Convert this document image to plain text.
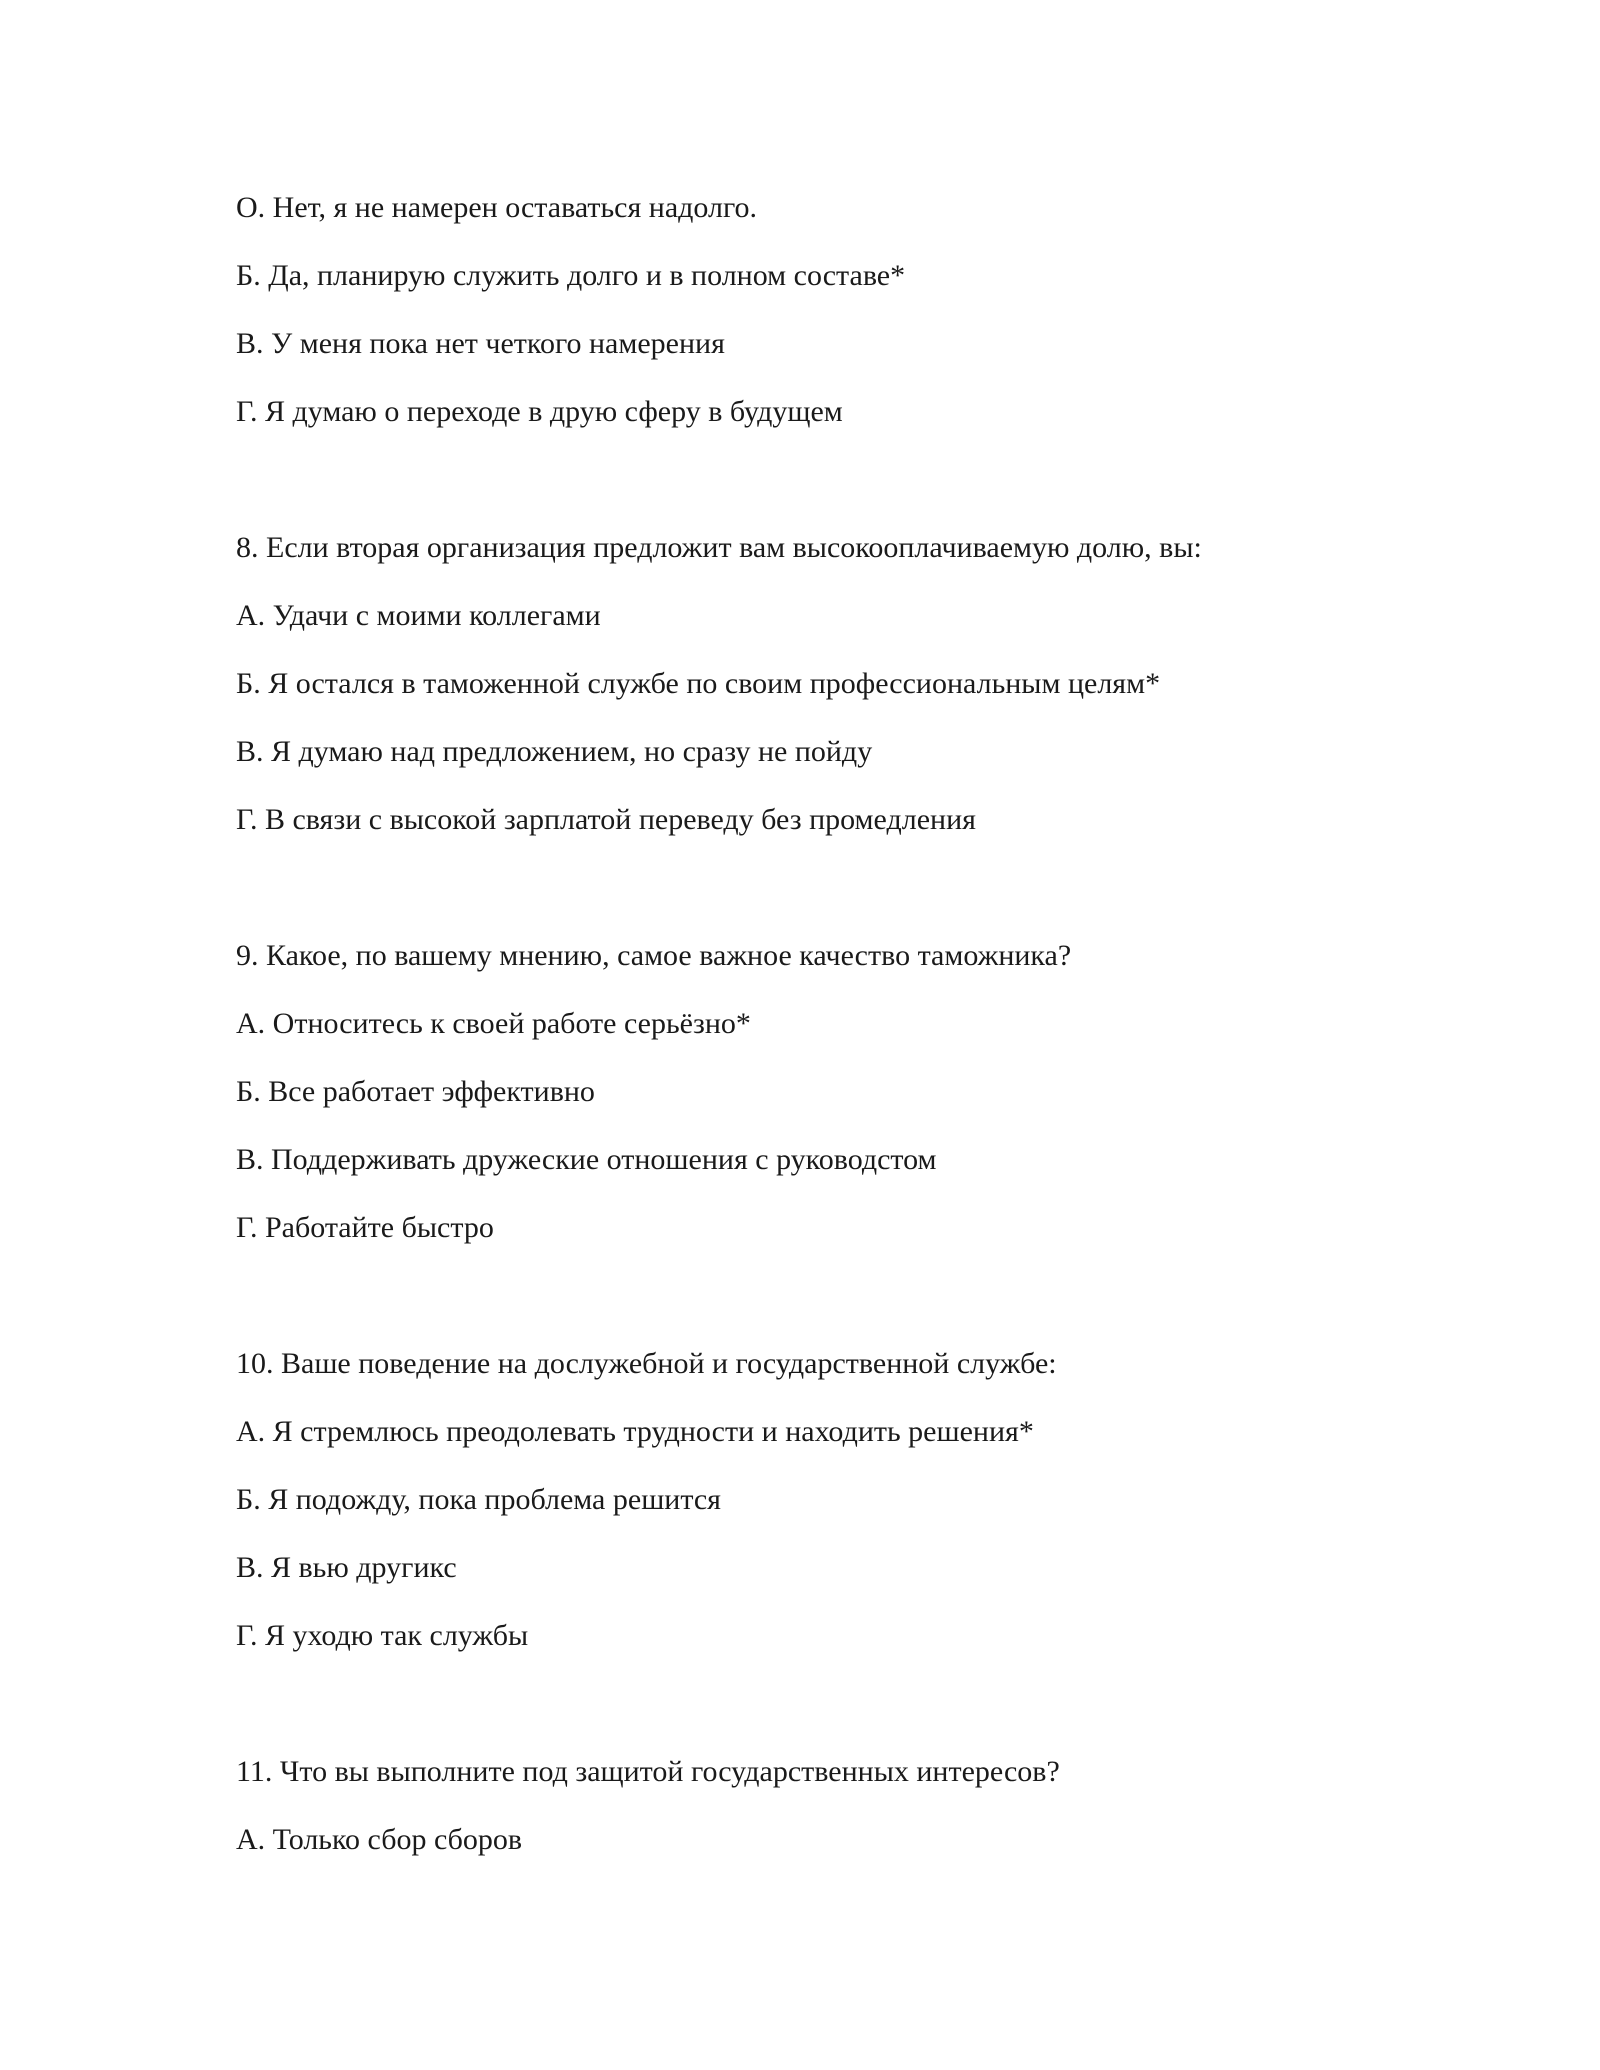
О. Нет, я не намерен оставаться надолго.
Б. Да, планирую служить долго и в полном составе*
В. У меня пока нет четкого намерения
Г. Я думаю о переходе в друю сферу в будущем
8. Если вторая организация предложит вам высокооплачиваемую долю, вы:
А. Удачи с моими коллегами
Б. Я остался в таможенной службе по своим профессиональным целям*
В. Я думаю над предложением, но сразу не пойду
Г. В связи с высокой зарплатой переведу без промедления
9. Какое, по вашему мнению, самое важное качество таможника?
А. Относитесь к своей работе серьёзно*
Б. Все работает эффективно
В. Поддерживать дружеские отношения с руководстом
Г. Работайте быстро
10. Ваше поведение на дослужебной и государственной службе:
А. Я стремлюсь преодолевать трудности и находить решения*
Б. Я подожду, пока проблема решится
В. Я вью другикс
Г. Я уходю так службы
11. Что вы выполните под защитой государственных интересов?
А. Только сбор сборов
